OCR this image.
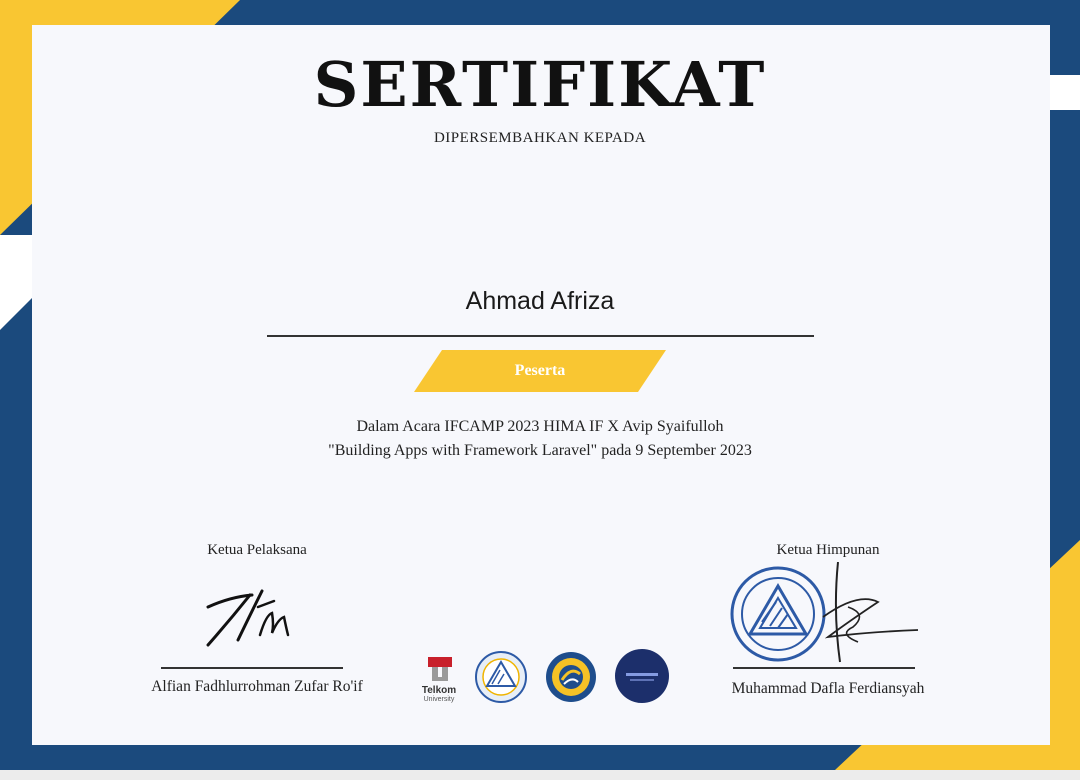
SERTIFIKAT
DIPERSEMBAHKAN KEPADA
Ahmad Afriza
Peserta
Dalam Acara IFCAMP 2023 HIMA IF X Avip Syaifulloh
"Building Apps with Framework Laravel" pada 9 September 2023
Ketua Pelaksana
Alfian Fadhlurrohman Zufar Ro'if
Ketua Himpunan
Muhammad Dafla Ferdiansyah
Telkom
University
